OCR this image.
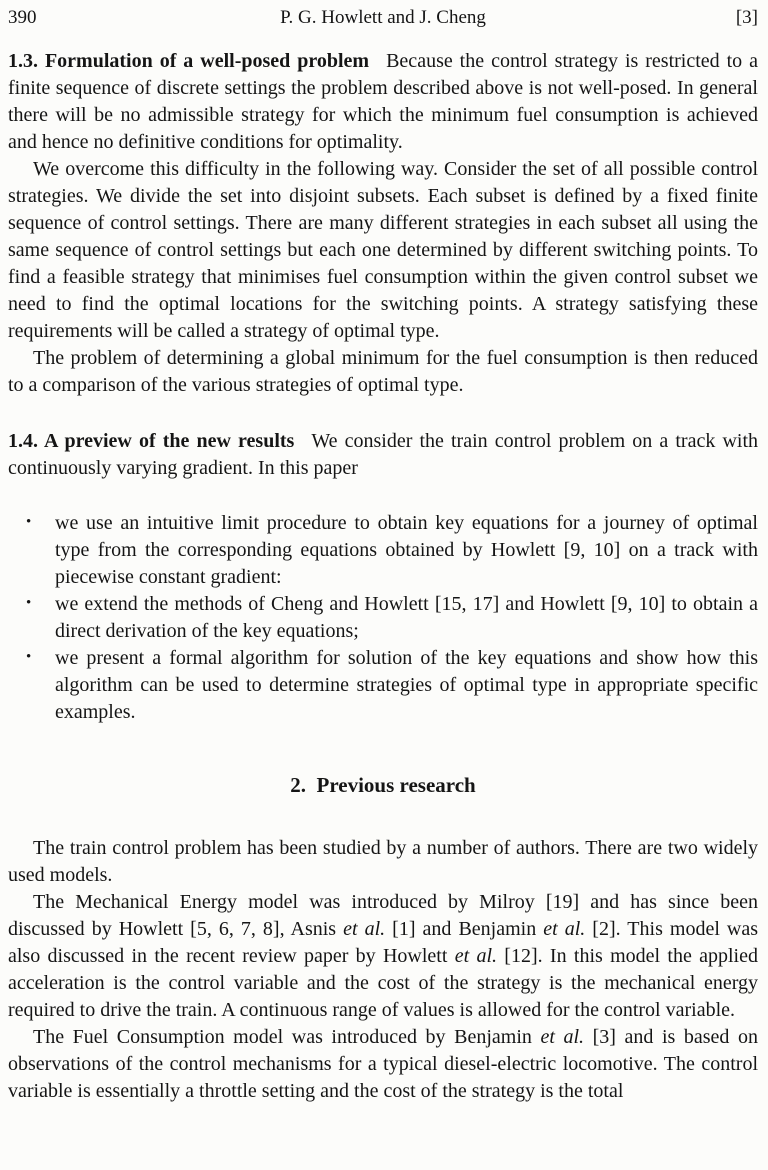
390	P. G. Howlett and J. Cheng	[3]

1.3. Formulation of a well-posed problem Because the control strategy is restricted to a finite sequence of discrete settings the problem described above is not well-posed. In general there will be no admissible strategy for which the minimum fuel consumption is achieved and hence no definitive conditions for optimality.

We overcome this difficulty in the following way. Consider the set of all possible control strategies. We divide the set into disjoint subsets. Each subset is defined by a fixed finite sequence of control settings. There are many different strategies in each subset all using the same sequence of control settings but each one determined by different switching points. To find a feasible strategy that minimises fuel consumption within the given control subset we need to find the optimal locations for the switching points. A strategy satisfying these requirements will be called a strategy of optimal type.

The problem of determining a global minimum for the fuel consumption is then reduced to a comparison of the various strategies of optimal type.

1.4. A preview of the new results We consider the train control problem on a track with continuously varying gradient. In this paper

• we use an intuitive limit procedure to obtain key equations for a journey of optimal type from the corresponding equations obtained by Howlett [9, 10] on a track with piecewise constant gradient:
• we extend the methods of Cheng and Howlett [15, 17] and Howlett [9, 10] to obtain a direct derivation of the key equations;
• we present a formal algorithm for solution of the key equations and show how this algorithm can be used to determine strategies of optimal type in appropriate specific examples.
2. Previous research

The train control problem has been studied by a number of authors. There are two widely used models.

The Mechanical Energy model was introduced by Milroy [19] and has since been discussed by Howlett [5, 6, 7, 8], Asnis et al. [1] and Benjamin et al. [2]. This model was also discussed in the recent review paper by Howlett et al. [12]. In this model the applied acceleration is the control variable and the cost of the strategy is the mechanical energy required to drive the train. A continuous range of values is allowed for the control variable.

The Fuel Consumption model was introduced by Benjamin et al. [3] and is based on observations of the control mechanisms for a typical diesel-electric locomotive. The control variable is essentially a throttle setting and the cost of the strategy is the total
